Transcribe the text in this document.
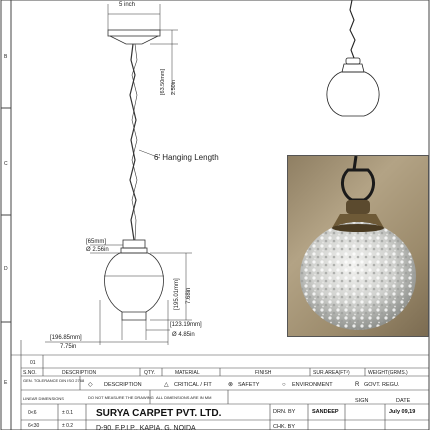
B
C
D
E
5 inch
[63.50mm] 2.50in
6' Hanging Length
[65mm]
Ø 2.56in
[195.01mm] 7.68in
[123.19mm]
Ø 4.85in
[196.85mm]
7.75in
01
S.NO.	DESCRIPTION	QTY.	MATERIAL	FINISH	SUR.AREA(FT²)	WEIGHT(GRMS.)
GEN. TOLERANCE DIN ISO 2768
◇ DESCRIPTION	△ CRITICAL / FIT	⊗ SAFETY	○ ENVIRONMENT	R GOVT. REGU.
LINEAR DIMENSIONS	DO NOT MEASURE THE DRAWING ALL DIMENSIONS ARE IN MM
0<6	± 0.1
6<30	± 0.2
SURYA CARPET PVT. LTD.
D-90, F.P.I.P., KAPIA, G. NOIDA
DRN. BY	SANDEEP	July 09,19
CHK. BY
SIGN	DATE
